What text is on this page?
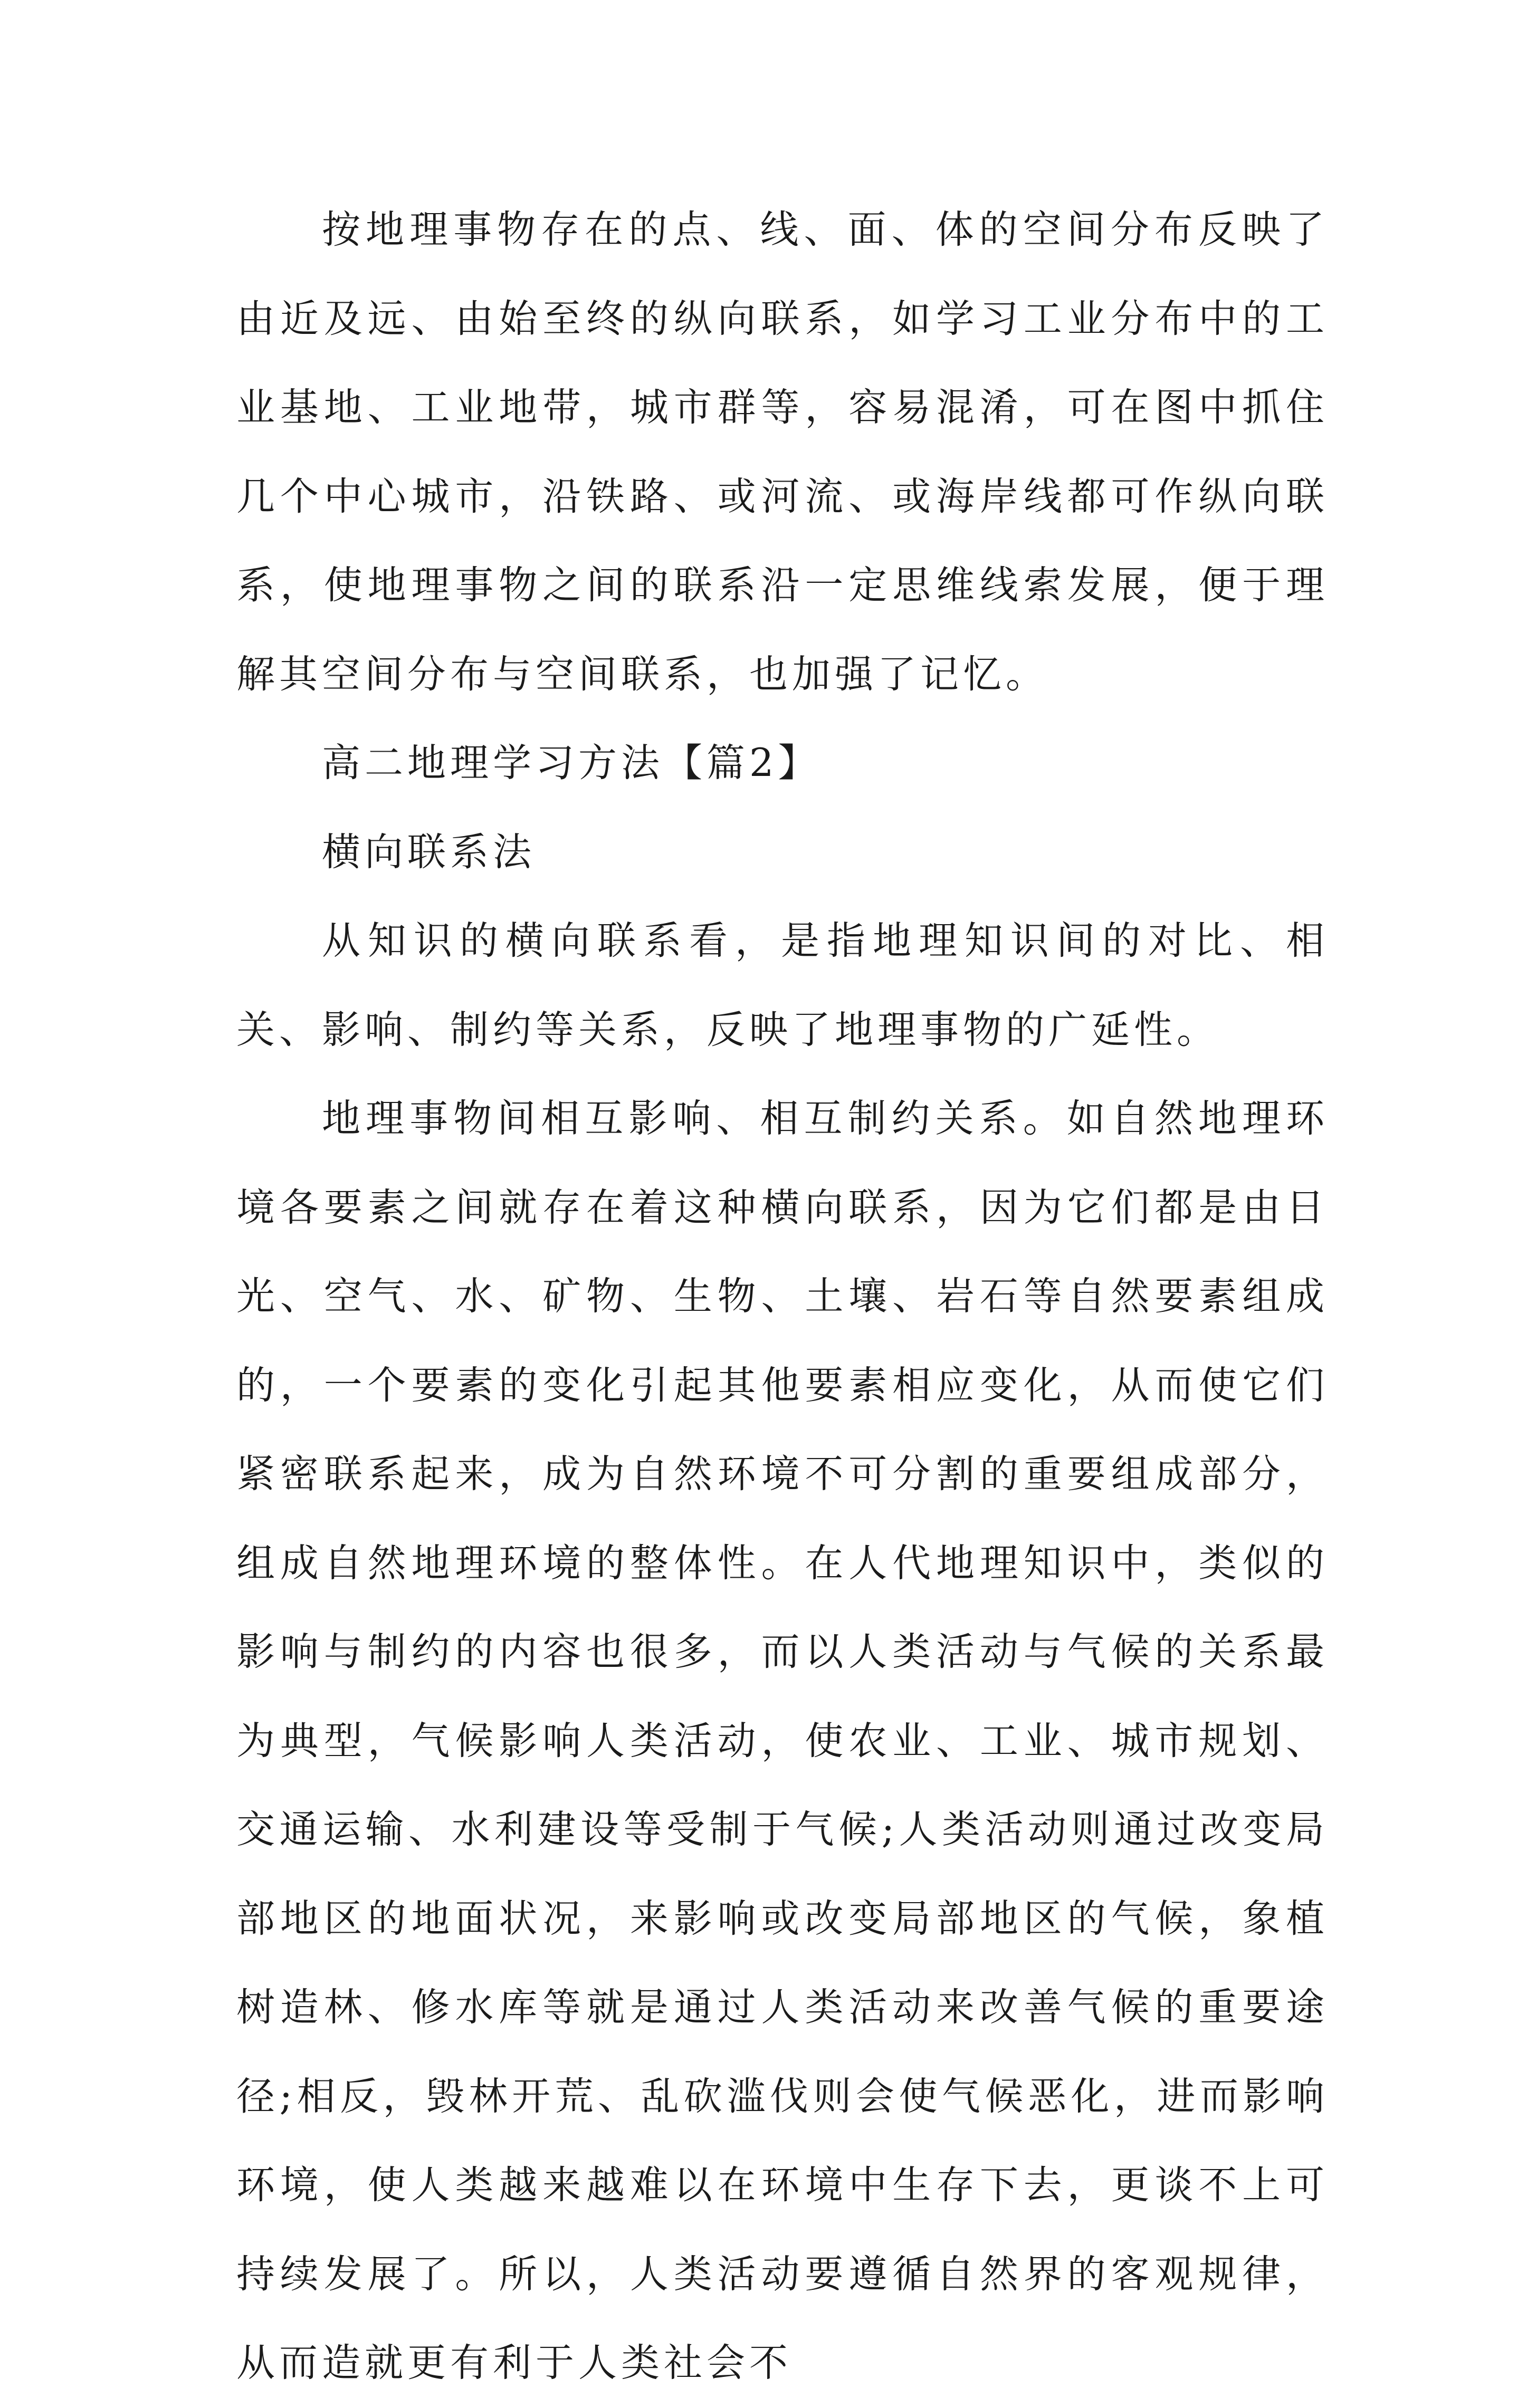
按地理事物存在的点、线、面、体的空间分布反映了由近及远、由始至终的纵向联系，如学习工业分布中的工业基地、工业地带，城市群等，容易混淆，可在图中抓住几个中心城市，沿铁路、或河流、或海岸线都可作纵向联系，使地理事物之间的联系沿一定思维线索发展，便于理解其空间分布与空间联系，也加强了记忆。

高二地理学习方法【篇2】

横向联系法

从知识的横向联系看，是指地理知识间的对比、相关、影响、制约等关系，反映了地理事物的广延性。

地理事物间相互影响、相互制约关系。如自然地理环境各要素之间就存在着这种横向联系，因为它们都是由日光、空气、水、矿物、生物、土壤、岩石等自然要素组成的，一个要素的变化引起其他要素相应变化，从而使它们紧密联系起来，成为自然环境不可分割的重要组成部分，组成自然地理环境的整体性。在人代地理知识中，类似的影响与制约的内容也很多，而以人类活动与气候的关系最为典型，气候影响人类活动，使农业、工业、城市规划、交通运输、水利建设等受制于气候;人类活动则通过改变局部地区的地面状况，来影响或改变局部地区的气候，象植树造林、修水库等就是通过人类活动来改善气候的重要途径;相反，毁林开荒、乱砍滥伐则会使气候恶化，进而影响环境，使人类越来越难以在环境中生存下去，更谈不上可持续发展了。所以，人类活动要遵循自然界的客观规律，从而造就更有利于人类社会不
